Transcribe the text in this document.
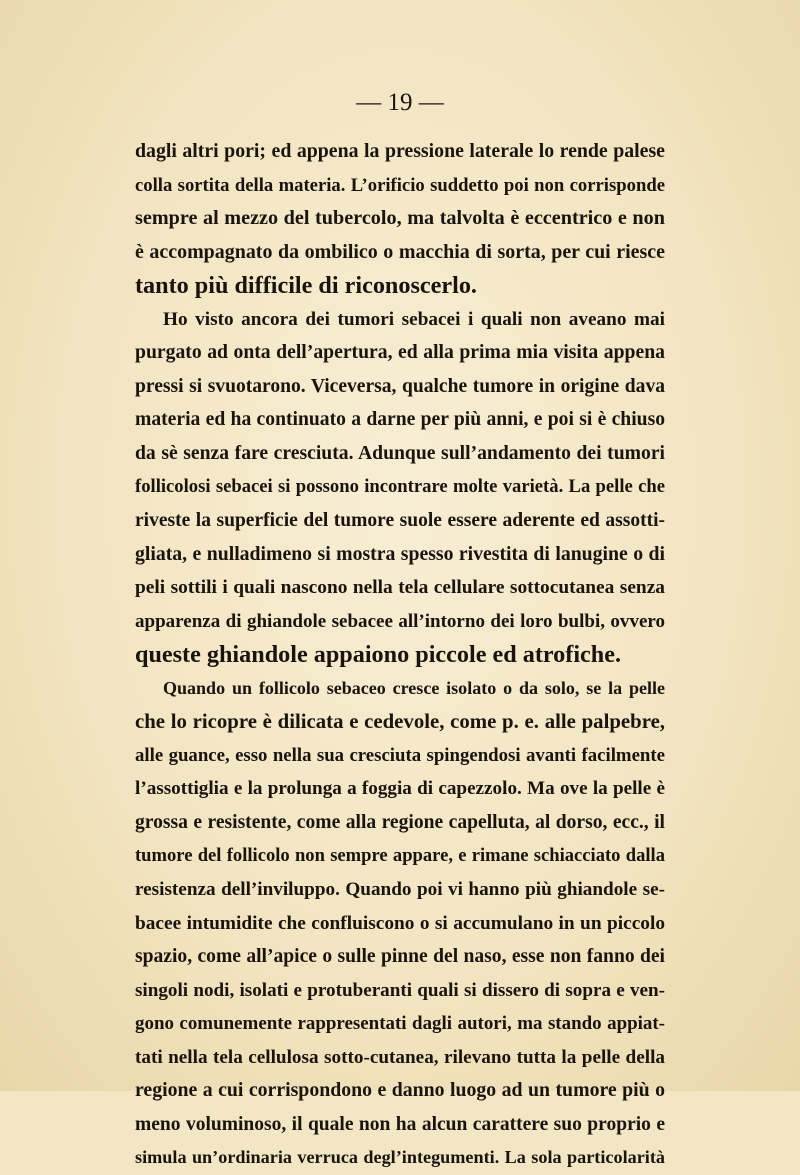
— 19 —
dagli altri pori; ed appena la pressione laterale lo rende palese
colla sortita della materia. L’orificio suddetto poi non corrisponde
sempre al mezzo del tubercolo, ma talvolta è eccentrico e non
è accompagnato da ombilico o macchia di sorta, per cui riesce
tanto più difficile di riconoscerlo.
Ho visto ancora dei tumori sebacei i quali non aveano mai
purgato ad onta dell’apertura, ed alla prima mia visita appena
pressi si svuotarono. Viceversa, qualche tumore in origine dava
materia ed ha continuato a darne per più anni, e poi si è chiuso
da sè senza fare cresciuta. Adunque sull’andamento dei tumori
follicolosi sebacei si possono incontrare molte varietà. La pelle che
riveste la superficie del tumore suole essere aderente ed assotti-
gliata, e nulladimeno si mostra spesso rivestita di lanugine o di
peli sottili i quali nascono nella tela cellulare sottocutanea senza
apparenza di ghiandole sebacee all’intorno dei loro bulbi, ovvero
queste ghiandole appaiono piccole ed atrofiche.
Quando un follicolo sebaceo cresce isolato o da solo, se la pelle
che lo ricopre è dilicata e cedevole, come p. e. alle palpebre,
alle guance, esso nella sua cresciuta spingendosi avanti facilmente
l’assottiglia e la prolunga a foggia di capezzolo. Ma ove la pelle è
grossa e resistente, come alla regione capelluta, al dorso, ecc., il
tumore del follicolo non sempre appare, e rimane schiacciato dalla
resistenza dell’inviluppo. Quando poi vi hanno più ghiandole se-
bacee intumidite che confluiscono o si accumulano in un piccolo
spazio, come all’apice o sulle pinne del naso, esse non fanno dei
singoli nodi, isolati e protuberanti quali si dissero di sopra e ven-
gono comunemente rappresentati dagli autori, ma stando appiat-
tati nella tela cellulosa sotto-cutanea, rilevano tutta la pelle della
regione a cui corrispondono e danno luogo ad un tumore più o
meno voluminoso, il quale non ha alcun carattere suo proprio e
simula un’ordinaria verruca degl’integumenti. La sola particolarità
